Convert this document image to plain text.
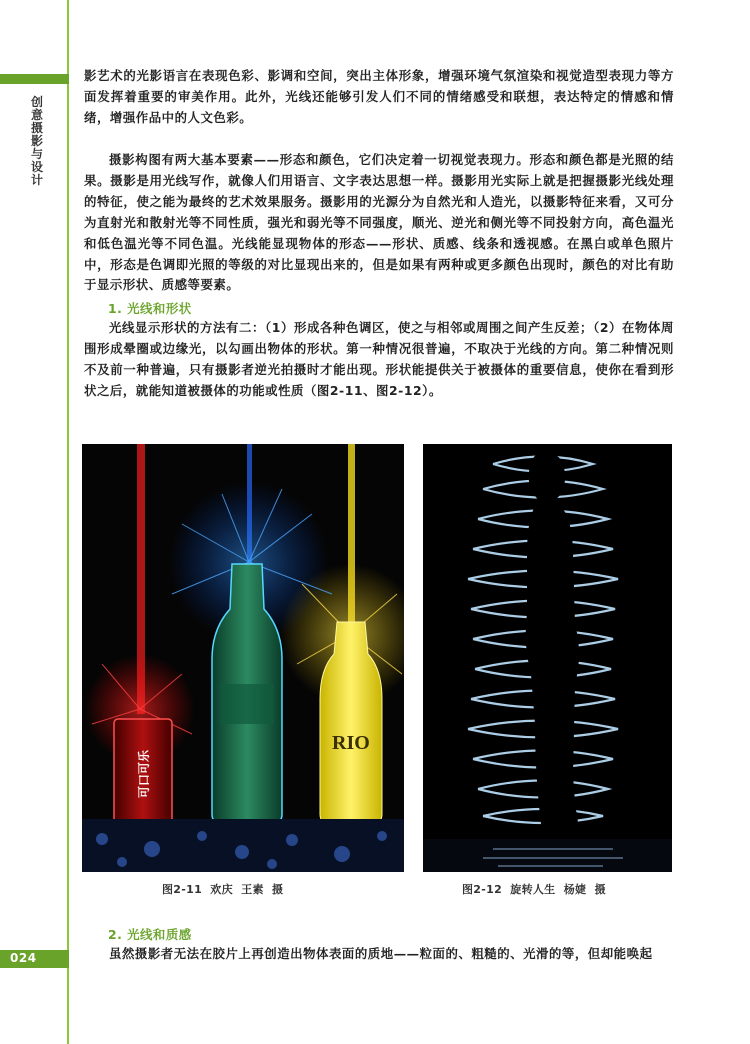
创意摄影与设计
024

影艺术的光影语言在表现色彩、影调和空间，突出主体形象，增强环境气氛渲染和视觉造型表现力等方面发挥着重要的审美作用。此外，光线还能够引发人们不同的情绪感受和联想，表达特定的情感和情绪，增强作品中的人文色彩。

摄影构图有两大基本要素——形态和颜色，它们决定着一切视觉表现力。形态和颜色都是光照的结果。摄影是用光线写作，就像人们用语言、文字表达思想一样。摄影用光实际上就是把握摄影光线处理的特征，使之能为最终的艺术效果服务。摄影用的光源分为自然光和人造光，以摄影特征来看，又可分为直射光和散射光等不同性质，强光和弱光等不同强度，顺光、逆光和侧光等不同投射方向，高色温光和低色温光等不同色温。光线能显现物体的形态——形状、质感、线条和透视感。在黑白或单色照片中，形态是色调即光照的等级的对比显现出来的，但是如果有两种或更多颜色出现时，颜色的对比有助于显示形状、质感等要素。

1. 光线和形状

光线显示形状的方法有二：（1）形成各种色调区，使之与相邻或周围之间产生反差；（2）在物体周围形成晕圈或边缘光，以勾画出物体的形状。第一种情况很普遍，不取决于光线的方向。第二种情况则不及前一种普遍，只有摄影者逆光拍摄时才能出现。形状能提供关于被摄体的重要信息，使你在看到形状之后，就能知道被摄体的功能或性质（图2-11、图2-12）。

RIO
可口可乐
图2-11  欢庆  王素  摄	图2-12  旋转人生  杨婕  摄

2. 光线和质感

虽然摄影者无法在胶片上再创造出物体表面的质地——粒面的、粗糙的、光滑的等，但却能唤起
